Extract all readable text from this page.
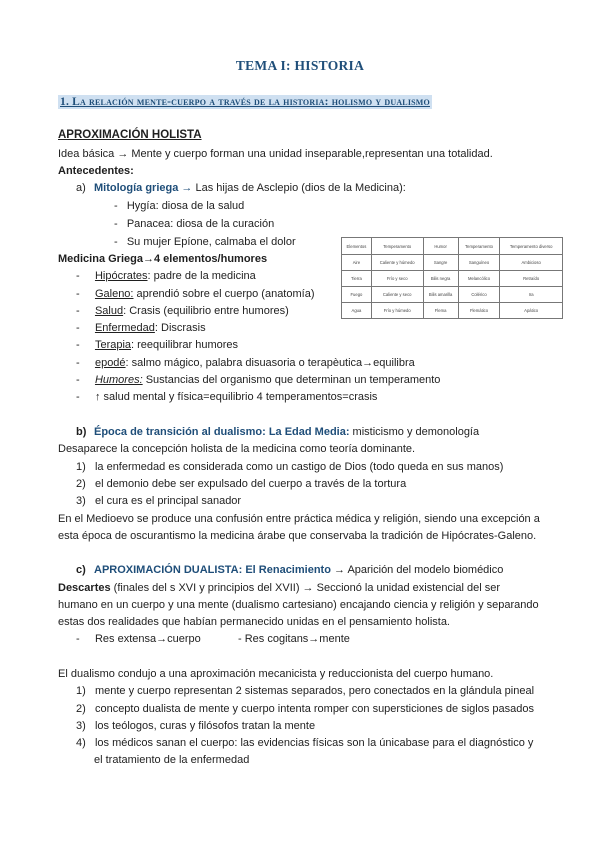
TEMA I: HISTORIA
1. La relación mente-cuerpo a través de la historia: holismo y dualismo
APROXIMACIÓN HOLISTA
Idea básica → Mente y cuerpo forman una unidad inseparable,representan una totalidad.
Antecedentes:
a) Mitología griega → Las hijas de Asclepio (dios de la Medicina):
-   Hygía: diosa de la salud
-   Panacea: diosa de la curación
-   Su mujer Epíone, calmaba el dolor
Medicina Griega→4 elementos/humores
-     Hipócrates: padre de la medicina
-     Galeno: aprendió sobre el cuerpo (anatomía)
-     Salud: Crasis (equilibrio entre humores)
-     Enfermedad: Discrasis
-     Terapia: reequilibrar humores
-     epodé: salmo mágico, palabra disuasoria o terapèutica→equilibra
-     Humores: Sustancias del organismo que determinan un temperamento
-     ↑ salud mental y física=equilibrio 4 temperamentos=crasis
Elementos	Temperamento	Humor	Temperamento	Temperamento diverso
Aire	Caliente y húmedo	Sangre	Sanguíneo	Ambicioso
Tierra	Frío y seco	Bilis negra	Melancólico	Retraído
Fuego	Caliente y seco	Bilis amarilla	Colérico	Ira
Agua	Frío y húmedo	Flema	Flemático	Apático
b) Época de transición al dualismo: La Edad Media: misticismo y demonología
Desaparece la concepción holista de la medicina como teoría dominante.
1)   la enfermedad es considerada como un castigo de Dios (todo queda en sus manos)
2)   el demonio debe ser expulsado del cuerpo a través de la tortura
3)   el cura es el principal sanador
En el Medioevo se produce una confusión entre práctica médica y religión, siendo una excepción a
esta época de oscurantismo la medicina árabe que conservaba la tradición de Hipócrates-Galeno.
c) APROXIMACIÓN DUALISTA: El Renacimiento → Aparición del modelo biomédico
Descartes (finales del s XVI y principios del XVII) → Seccionó la unidad existencial del ser
humano en un cuerpo y una mente (dualismo cartesiano) encajando ciencia y religión y separando
estas dos realidades que habían permanecido unidas en el pensamiento holista.
-     Res extensa→cuerpo	- Res cogitans→mente
El dualismo condujo a una aproximación mecanicista y reduccionista del cuerpo humano.
1)   mente y cuerpo representan 2 sistemas separados, pero conectados en la glándula pineal
2)   concepto dualista de mente y cuerpo intenta romper con supersticiones de siglos pasados
3)   los teólogos, curas y filósofos tratan la mente
4)   los médicos sanan el cuerpo: las evidencias físicas son la únicabase para el diagnóstico y
el tratamiento de la enfermedad
